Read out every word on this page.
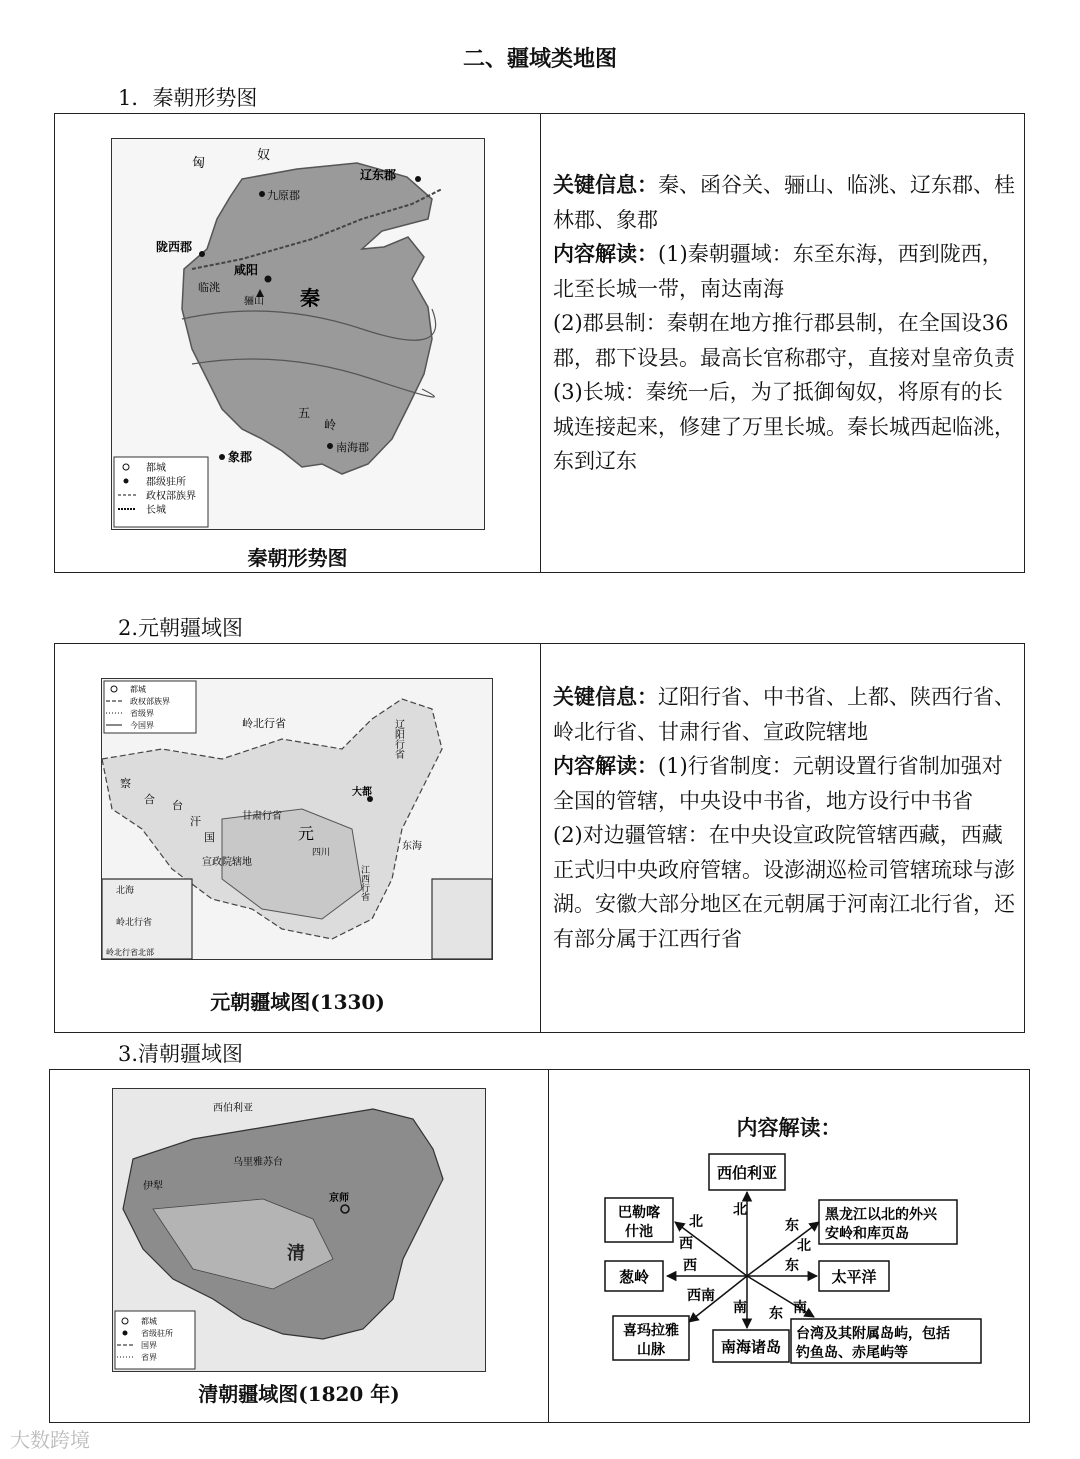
二、疆域类地图
1．秦朝形势图
匈
奴
九原郡
辽东郡
陇西郡
咸阳
临洮
骊山 秦
五
岭
南海郡
象郡
都城
郡级驻所
政权部族界
长城
秦朝形势图

关键信息：秦、函谷关、骊山、临洮、辽东郡、桂林郡、象郡

内容解读：(1)秦朝疆域：东至东海，西到陇西，北至长城一带，南达南海

(2)郡县制：秦朝在地方推行郡县制，在全国设36郡，郡下设县。最高长官称郡守，直接对皇帝负责

(3)长城：秦统一后，为了抵御匈奴，将原有的长城连接起来，修建了万里长城。秦长城西起临洮，东到辽东

2.元朝疆域图
岭北行省	辽阳行省
察
合 台
汗
国
甘肃行省
元
大都
宣政院辖地
四川
江西行省
东海
北海
岭北行省
岭北行省北部
都城
政权部族界
省级界
今国界
元朝疆域图(1330)

关键信息：辽阳行省、中书省、上都、陕西行省、岭北行省、甘肃行省、宣政院辖地

内容解读：(1)行省制度：元朝设置行省制加强对全国的管辖，中央设中书省，地方设行中书省

(2)对边疆管辖：在中央设宣政院管辖西藏，西藏正式归中央政府管辖。设澎湖巡检司管辖琉球与澎湖。安徽大部分地区在元朝属于河南江北行省，还有部分属于江西行省

3.清朝疆域图
西伯利亚
乌里雅苏台
伊犁
京师
清
都城
省级驻所
国界
省界
清朝疆域图(1820 年)
内容解读：
西伯利亚
黑龙江以北的外兴
安岭和库页岛
太平洋
台湾及其附属岛屿，包括
钓鱼岛、赤尾屿等
南海诸岛
喜玛拉雅
山脉
葱岭
巴勒喀
什池
北
东
北
东
南 东 南
西南
西
北
西
大数跨境
